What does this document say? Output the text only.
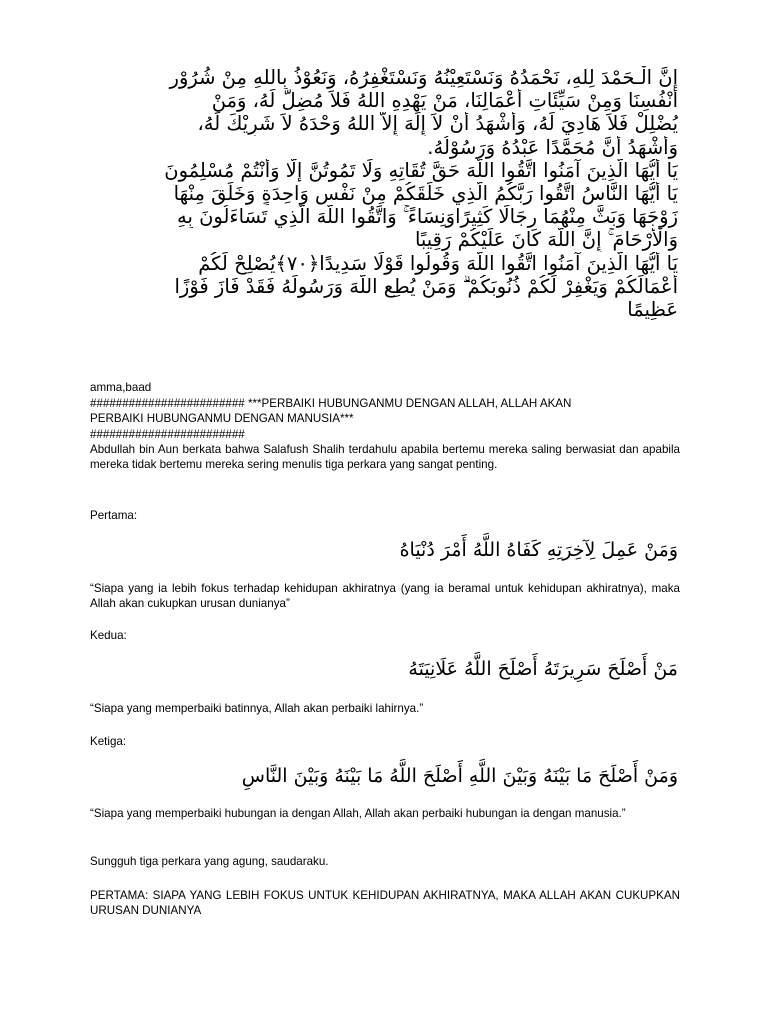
إِنَّ الْـحَمْدَ لِلهِ، نَحْمَدُهُ وَنَسْتَعِيْنُهُ وَنَسْتَغْفِرُهُ، وَنَعُوْذُ بِاللهِ مِنْ شُرُوْرِ
أَنْفُسِنَا وَمِنْ سَيِّئَاتِ أَعْمَالِنَا، مَنْ يَهْدِهِ اللهُ فَلاَ مُضِلَّ لَهُ، وَمَنْ
يُضْلِلْ فَلاَ هَادِيَ لَهُ، وَأَشْهَدُ أَنْ لاَ إِلَهَ إِلاَّ اللهُ وَحْدَهُ لاَ شَرِيْكَ لَهُ،
وَأَشْهَدُ أَنَّ مُحَمَّدًا عَبْدُهُ وَرَسُوْلُهُ.
يَا أَيُّهَا الَّذِينَ آمَنُوا اتَّقُوا اللَّهَ حَقَّ تُقَاتِهِ وَلَا تَمُوتُنَّ إِلَّا وَأَنْتُمْ مُسْلِمُونَ
يَا أَيُّهَا النَّاسُ اتَّقُوا رَبَّكُمُ الَّذِي خَلَقَكُمْ مِنْ نَفْسٍ وَاحِدَةٍ وَخَلَقَ مِنْهَا
زَوْجَهَا وَبَثَّ مِنْهُمَا رِجَالًا كَثِيرًاوَنِسَاءً ۚ وَاتَّقُوا اللَّهَ الَّذِي تَسَاءَلُونَ بِهِ
وَالْأَرْحَامَ ۚ إِنَّ اللَّهَ كَانَ عَلَيْكُمْ رَقِيبًا
يَا أَيُّهَا الَّذِينَ آمَنُوا اتَّقُوا اللَّهَ وَقُولُوا قَوْلًا سَدِيدًا﴿٧٠﴾يُصْلِحْ لَكُمْ
أَعْمَالَكُمْ وَيَغْفِرْ لَكُمْ ذُنُوبَكُمْ ۗ وَمَنْ يُطِعِ اللَّهَ وَرَسُولَهُ فَقَدْ فَازَ فَوْزًا
عَظِيمًا
amma,baad
######################## ***PERBAIKI HUBUNGANMU DENGAN ALLAH, ALLAH AKAN
PERBAIKI HUBUNGANMU DENGAN MANUSIA***
########################
Abdullah bin Aun berkata bahwa Salafush Shalih terdahulu apabila bertemu mereka saling berwasiat dan apabila mereka tidak bertemu mereka sering menulis tiga perkara yang sangat penting.
Pertama:
وَمَنْ عَمِلَ لِآخِرَتِهِ كَفَاهُ اللَّهُ أَمْرَ دُنْيَاهُ
“Siapa yang ia lebih fokus terhadap kehidupan akhiratnya (yang ia beramal untuk kehidupan akhiratnya), maka Allah akan cukupkan urusan dunianya”
Kedua:
مَنْ أَصْلَحَ سَرِيرَتَهُ أَصْلَحَ اللَّهُ عَلَانِيَتَهُ
“Siapa yang memperbaiki batinnya, Allah akan perbaiki lahirnya.”
Ketiga:
وَمَنْ أَصْلَحَ مَا بَيْنَهُ وَبَيْنَ اللَّهِ أَصْلَحَ اللَّهُ مَا بَيْنَهُ وَبَيْنَ النَّاسِ
“Siapa yang memperbaiki hubungan ia dengan Allah, Allah akan perbaiki hubungan ia dengan manusia.”
Sungguh tiga perkara yang agung, saudaraku.
PERTAMA: SIAPA YANG LEBIH FOKUS UNTUK KEHIDUPAN AKHIRATNYA, MAKA ALLAH AKAN CUKUPKAN URUSAN DUNIANYA
